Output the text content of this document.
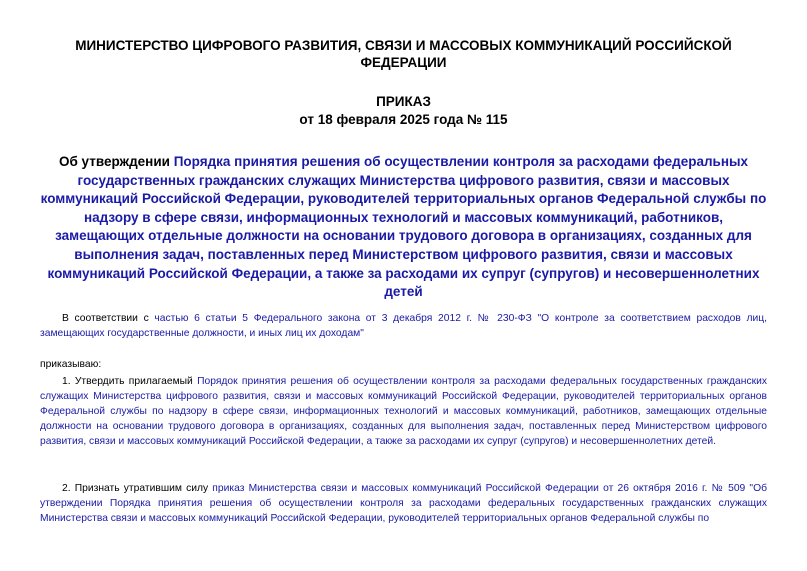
МИНИСТЕРСТВО ЦИФРОВОГО РАЗВИТИЯ, СВЯЗИ И МАССОВЫХ КОММУНИКАЦИЙ РОССИЙСКОЙ ФЕДЕРАЦИИ
ПРИКАЗ
от 18 февраля 2025 года № 115
Об утверждении Порядка принятия решения об осуществлении контроля за расходами федеральных государственных гражданских служащих Министерства цифрового развития, связи и массовых коммуникаций Российской Федерации, руководителей территориальных органов Федеральной службы по надзору в сфере связи, информационных технологий и массовых коммуникаций, работников, замещающих отдельные должности на основании трудового договора в организациях, созданных для выполнения задач, поставленных перед Министерством цифрового развития, связи и массовых коммуникаций Российской Федерации, а также за расходами их супруг (супругов) и несовершеннолетних детей
В соответствии с частью 6 статьи 5 Федерального закона от 3 декабря 2012 г. № 230-ФЗ "О контроле за соответствием расходов лиц, замещающих государственные должности, и иных лиц их доходам"
приказываю:
1. Утвердить прилагаемый Порядок принятия решения об осуществлении контроля за расходами федеральных государственных гражданских служащих Министерства цифрового развития, связи и массовых коммуникаций Российской Федерации, руководителей территориальных органов Федеральной службы по надзору в сфере связи, информационных технологий и массовых коммуникаций, работников, замещающих отдельные должности на основании трудового договора в организациях, созданных для выполнения задач, поставленных перед Министерством цифрового развития, связи и массовых коммуникаций Российской Федерации, а также за расходами их супруг (супругов) и несовершеннолетних детей.
2. Признать утратившим силу приказ Министерства связи и массовых коммуникаций Российской Федерации от 26 октября 2016 г. № 509 "Об утверждении Порядка принятия решения об осуществлении контроля за расходами федеральных государственных гражданских служащих Министерства связи и массовых коммуникаций Российской Федерации, руководителей территориальных органов Федеральной службы по
